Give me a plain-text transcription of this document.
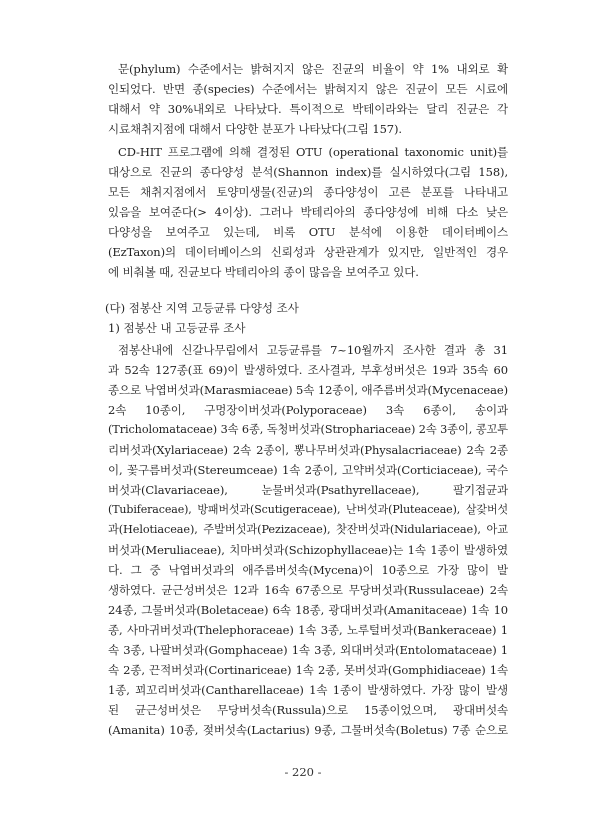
문(phylum) 수준에서는 밝혀지지 않은 진균의 비율이 약 1% 내외로 확
인되었다. 반면 종(species) 수준에서는 밝혀지지 않은 진균이 모든 시료에
대해서 약 30%내외로 나타났다. 특이적으로 박테이라와는 달리 진균은 각
시료채취지점에 대해서 다양한 분포가 나타났다(그림 157).
CD-HIT 프로그램에 의해 결정된 OTU (operational taxonomic unit)를
대상으로 진균의 종다양성 분석(Shannon index)를 실시하였다(그림 158),
모든 채취지점에서 토양미생물(진균)의 종다양성이 고른 분포를 나타내고
있음을 보여준다(> 4이상). 그러나 박테리아의 종다양성에 비해 다소 낮은
다양성을 보여주고 있는데, 비록 OTU 분석에 이용한 데이터베이스
(EzTaxon)의 데이터베이스의 신뢰성과 상관관계가 있지만, 일반적인 경우
에 비춰볼 때, 진균보다 박테리아의 종이 많음을 보여주고 있다.
(다) 점봉산 지역 고등균류 다양성 조사
1) 점봉산 내 고등균류 조사
점봉산내에 신갈나무림에서 고등균류를 7~10월까지 조사한 결과 총 31
과 52속 127종(표 69)이 발생하였다. 조사결과, 부후성버섯은 19과 35속 60
종으로 낙엽버섯과(Marasmiaceae) 5속 12종이, 애주름버섯과(Mycenaceae)
2속 10종이, 구멍장이버섯과(Polyporaceae) 3속 6종이, 송이과
(Tricholomataceae) 3속 6종, 독청버섯과(Strophariaceae) 2속 3종이, 콩꼬투
리버섯과(Xylariaceae) 2속 2종이, 뽕나무버섯과(Physalacriaceae) 2속 2종
이, 꽃구름버섯과(Stereumceae) 1속 2종이, 고약버섯과(Corticiaceae), 국수
버섯과(Clavariaceae), 눈물버섯과(Psathyrellaceae), 팔기접균과
(Tubiferaceae), 방패버섯과(Scutigeraceae), 난버섯과(Pluteaceae), 살갗버섯
과(Helotiaceae), 주발버섯과(Pezizaceae), 찻잔버섯과(Nidulariaceae), 아교
버섯과(Meruliaceae), 치마버섯과(Schizophyllaceae)는 1속 1종이 발생하였
다. 그 중 낙엽버섯과의 애주름버섯속(Mycena)이 10종으로 가장 많이 발
생하였다. 균근성버섯은 12과 16속 67종으로 무당버섯과(Russulaceae) 2속
24종, 그물버섯과(Boletaceae) 6속 18종, 광대버섯과(Amanitaceae) 1속 10
종, 사마귀버섯과(Thelephoraceae) 1속 3종, 노루털버섯과(Bankeraceae) 1
속 3종, 나팔버섯과(Gomphaceae) 1속 3종, 외대버섯과(Entolomataceae) 1
속 2종, 끈적버섯과(Cortinariceae) 1속 2종, 못버섯과(Gomphidiaceae) 1속
1종, 꾀꼬리버섯과(Cantharellaceae) 1속 1종이 발생하였다. 가장 많이 발생
된 균근성버섯은 무당버섯속(Russula)으로 15종이었으며, 광대버섯속
(Amanita) 10종, 젖버섯속(Lactarius) 9종, 그물버섯속(Boletus) 7종 순으로
- 220 -
